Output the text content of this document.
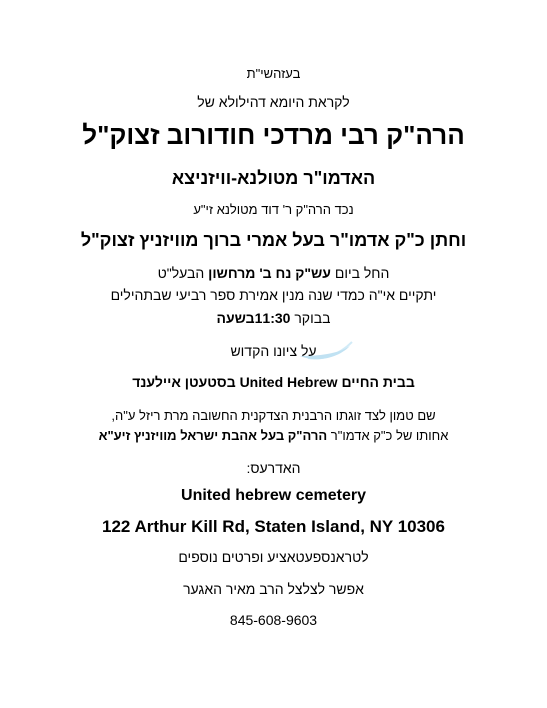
בעזהשי"ת
לקראת היומא דהילולא של
הרה"ק רבי מרדכי חודורוב זצוק"ל
האדמו"ר מטולנא-וויזניצא
נכד הרה"ק ר' דוד מטולנא זי"ע
וחתן כ"ק אדמו"ר בעל אמרי ברוך מוויזניץ זצוק"ל
החל ביום עש"ק נח ב' מרחשון הבעל"ט
יתקיים אי"ה כמדי שנה מנין אמירת ספר רביעי שבתהילים
בבוקר 11:30בשעה
על ציונו הקדוש
בבית החיים United Hebrew בסטעטן איילענד
שם טמון לצד זוגתו הרבנית הצדקנית החשובה מרת ריזל ע"ה,
אחותו של כ"ק אדמו"ר הרה"ק בעל אהבת ישראל מוויזניץ זיע"א
האדרעס:
United hebrew cemetery
122 Arthur Kill Rd, Staten Island, NY 10306
לטראנספעטאציע ופרטים נוספים
אפשר לצלצל הרב מאיר האגער
845-608-9603
